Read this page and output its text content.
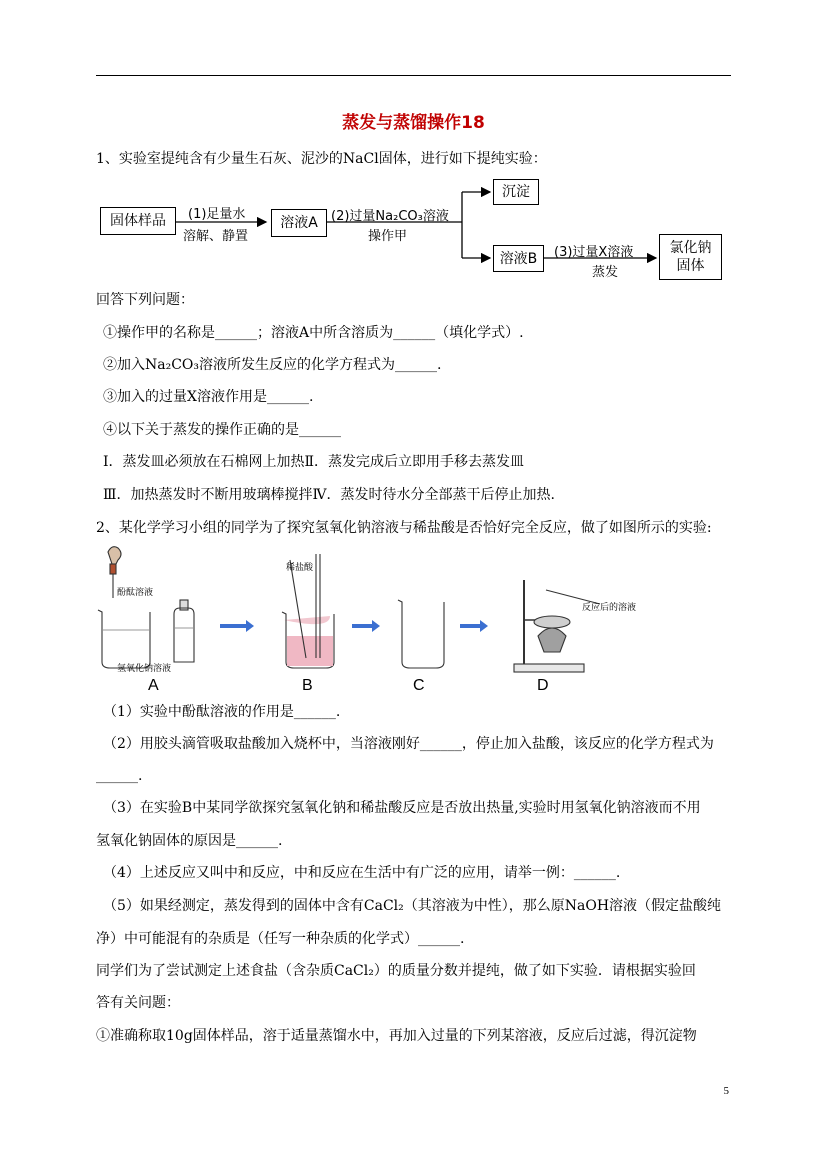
蒸发与蒸馏操作18
1、实验室提纯含有少量生石灰、泥沙的NaCl固体，进行如下提纯实验：
固体样品	(1)足量水
溶解、静置
溶液A	(2)过量Na₂CO₃溶液
操作甲
沉淀
溶液B	(3)过量X溶液
蒸发
氯化钠
固体
回答下列问题：
①操作甲的名称是______；溶液A中所含溶质为______（填化学式）.
②加入Na₂CO₃溶液所发生反应的化学方程式为______.
③加入的过量X溶液作用是______.
④以下关于蒸发的操作正确的是______
Ⅰ．蒸发皿必须放在石棉网上加热Ⅱ．蒸发完成后立即用手移去蒸发皿
Ⅲ．加热蒸发时不断用玻璃棒搅拌Ⅳ．蒸发时待水分全部蒸干后停止加热.
2、某化学学习小组的同学为了探究氢氧化钠溶液与稀盐酸是否恰好完全反应，做了如图所示的实验:
A	B	C	D
酚酞溶液
氢氧化钠溶液
稀盐酸
反应后的溶液
（1）实验中酚酞溶液的作用是______.
（2）用胶头滴管吸取盐酸加入烧杯中，当溶液刚好______，停止加入盐酸，该反应的化学方程式为
______.
（3）在实验B中某同学欲探究氢氧化钠和稀盐酸反应是否放出热量,实验时用氢氧化钠溶液而不用
氢氧化钠固体的原因是______.
（4）上述反应又叫中和反应，中和反应在生活中有广泛的应用，请举一例：______.
（5）如果经测定，蒸发得到的固体中含有CaCl₂（其溶液为中性），那么原NaOH溶液（假定盐酸纯
净）中可能混有的杂质是（任写一种杂质的化学式）______.
同学们为了尝试测定上述食盐（含杂质CaCl₂）的质量分数并提纯，做了如下实验．请根据实验回
答有关问题：
①准确称取10g固体样品，溶于适量蒸馏水中，再加入过量的下列某溶液，反应后过滤，得沉淀物
5
